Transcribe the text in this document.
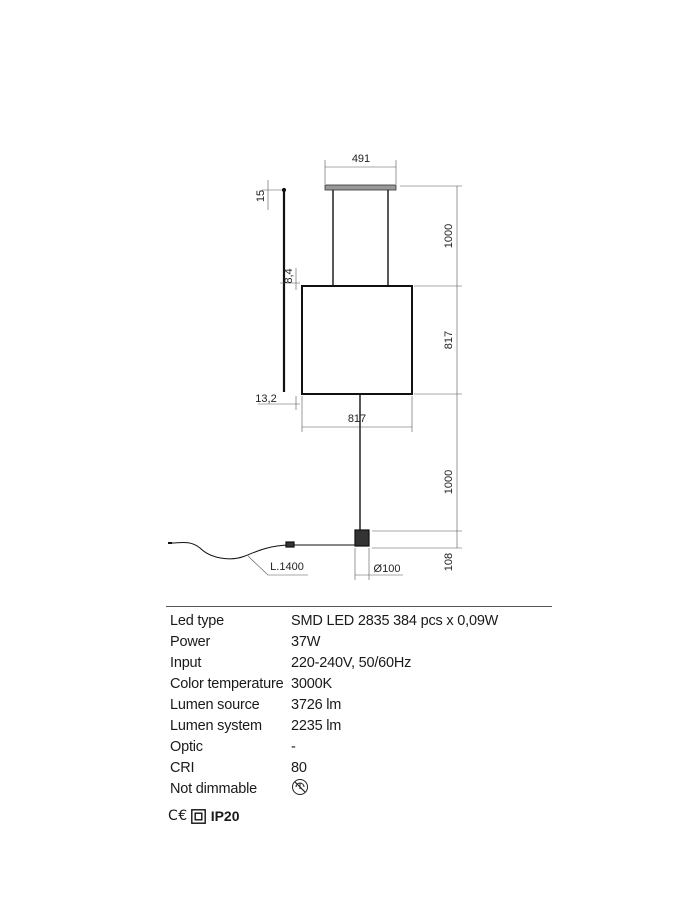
491
1000
817
1000
108
15
8,4
13,2
817
Ø100
L.1400
Led type	SMD LED 2835 384 pcs x 0,09W
Power	37W
Input	220-240V, 50/60Hz
Color temperature 3000K
Lumen source	3726 lm
Lumen system	2235 lm
Optic	-
CRI	80
Not dimmable
C€ IP20
